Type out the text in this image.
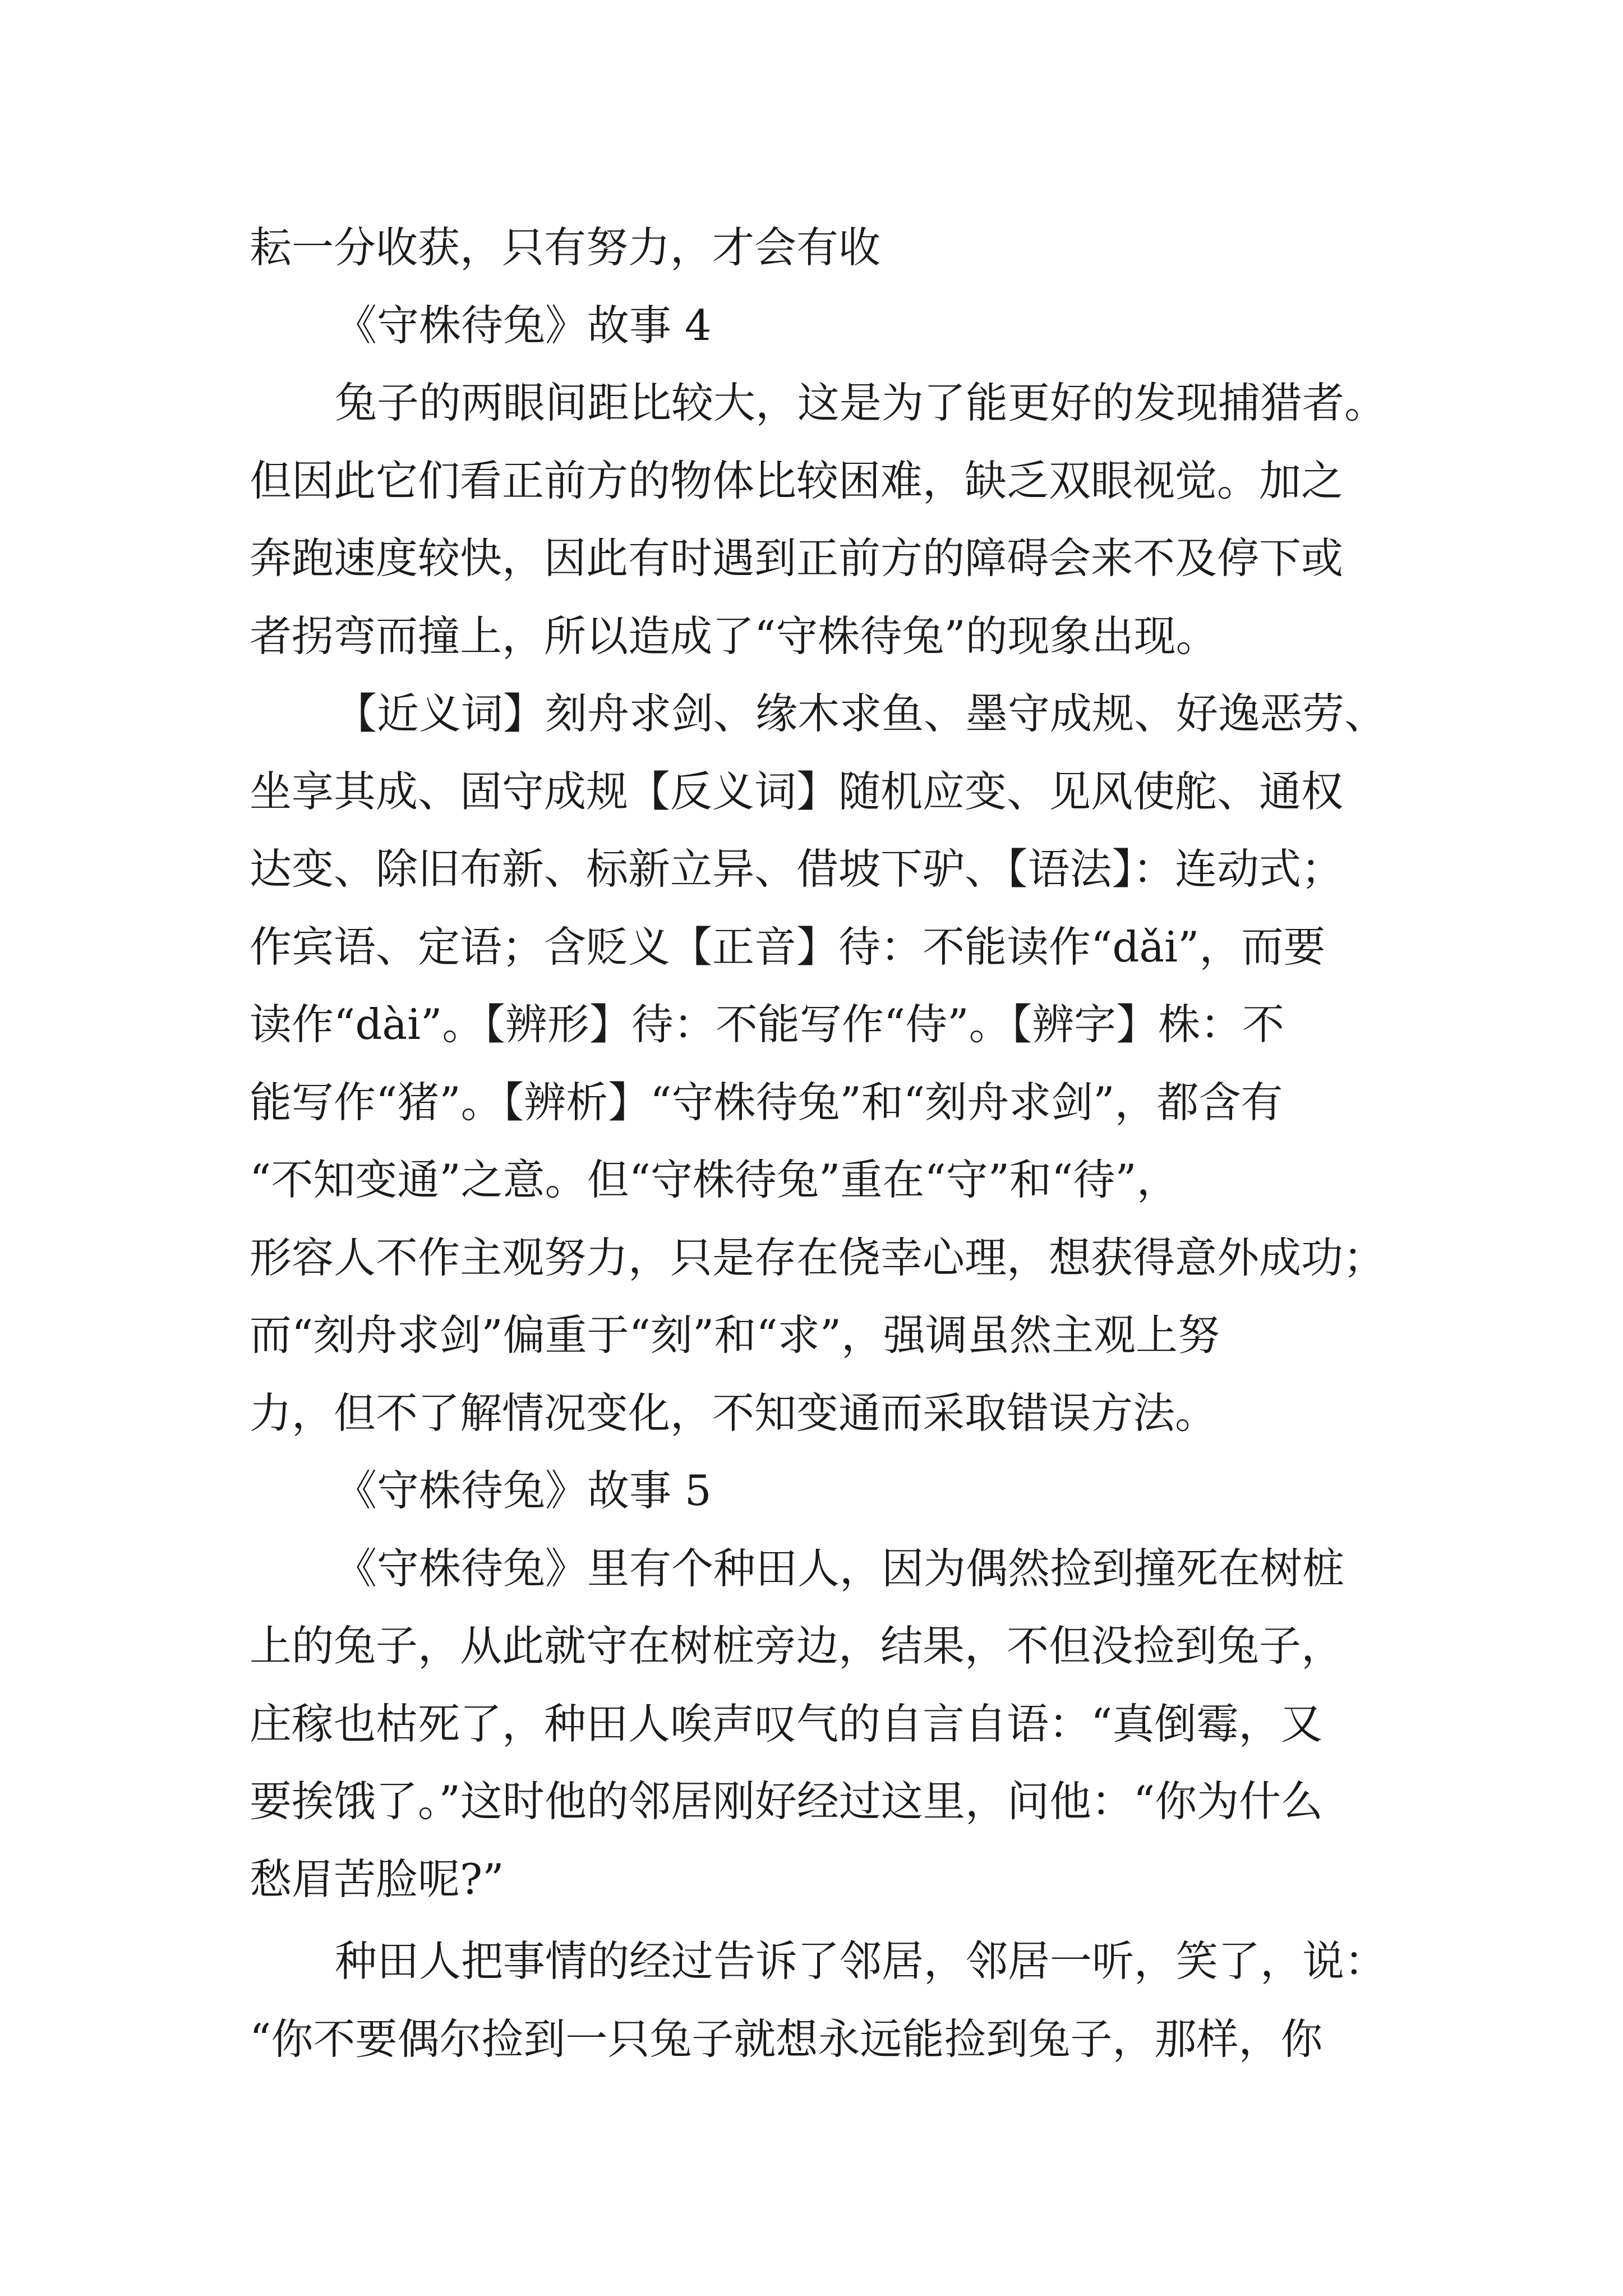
耘一分收获，只有努力，才会有收
《守株待兔》故事 4
兔子的两眼间距比较大，这是为了能更好的发现捕猎者。
但因此它们看正前方的物体比较困难，缺乏双眼视觉。加之
奔跑速度较快，因此有时遇到正前方的障碍会来不及停下或
者拐弯而撞上，所以造成了“守株待兔”的现象出现。
【近义词】刻舟求剑、缘木求鱼、墨守成规、好逸恶劳、
坐享其成、固守成规【反义词】随机应变、见风使舵、通权
达变、除旧布新、标新立异、借坡下驴、【语法】：连动式；
作宾语、定语；含贬义【正音】待：不能读作“dǎi”，而要
读作“dài”。【辨形】待：不能写作“侍”。【辨字】株：不
能写作“猪”。【辨析】“守株待兔”和“刻舟求剑”，都含有
“不知变通”之意。但“守株待兔”重在“守”和“待”，
形容人不作主观努力，只是存在侥幸心理，想获得意外成功；
而“刻舟求剑”偏重于“刻”和“求”，强调虽然主观上努
力，但不了解情况变化，不知变通而采取错误方法。
《守株待兔》故事 5
《守株待兔》里有个种田人，因为偶然捡到撞死在树桩
上的兔子，从此就守在树桩旁边，结果，不但没捡到兔子，
庄稼也枯死了，种田人唉声叹气的自言自语：“真倒霉，又
要挨饿了。”这时他的邻居刚好经过这里，问他：“你为什么
愁眉苦脸呢?”
种田人把事情的经过告诉了邻居，邻居一听，笑了，说：
“你不要偶尔捡到一只兔子就想永远能捡到兔子，那样，你
